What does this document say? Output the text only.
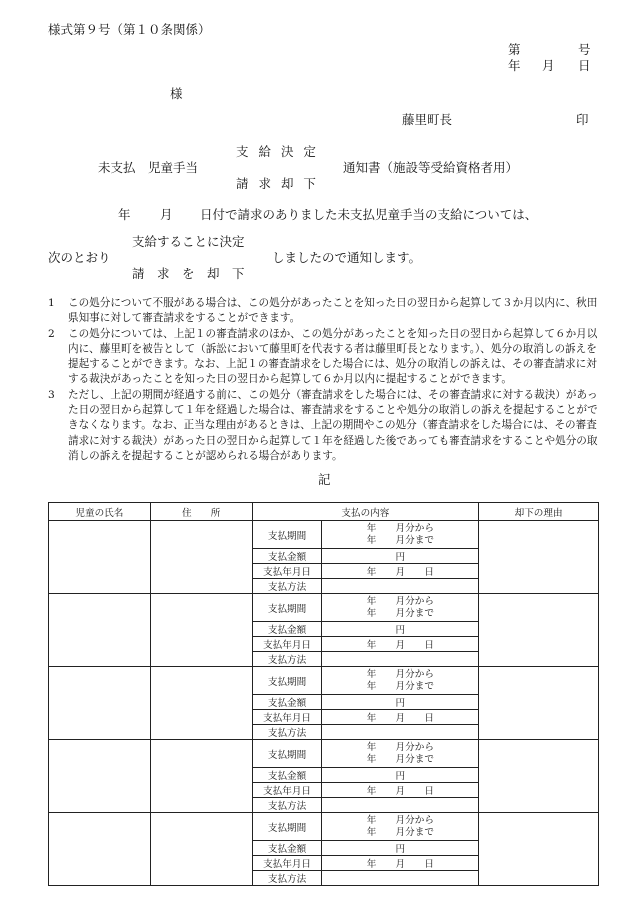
様式第９号（第１０条関係）
第	号
年 月 日
様
藤里町長	印
支 給 決 定
未支払　児童手当	通知書（施設等受給資格者用）
請 求 却 下
年 月 日付で請求のありました未支払児童手当の支給については、
支給することに決定
次のとおり	しましたので通知します。
請　求　を　却　下
1	この処分について不服がある場合は、この処分があったことを知った日の翌日から起算して３か月以内に、秋田県知事に対して審査請求をすることができます。
2	この処分については、上記１の審査請求のほか、この処分があったことを知った日の翌日から起算して６か月以内に、藤里町を被告として（訴訟において藤里町を代表する者は藤里町長となります。）、処分の取消しの訴えを提起することができます。なお、上記１の審査請求をした場合には、処分の取消しの訴えは、その審査請求に対する裁決があったことを知った日の翌日から起算して６か月以内に提起することができます。
3	ただし、上記の期間が経過する前に、この処分（審査請求をした場合には、その審査請求に対する裁決）があった日の翌日から起算して１年を経過した場合は、審査請求をすることや処分の取消しの訴えを提起することができなくなります。なお、正当な理由があるときは、上記の期間やこの処分（審査請求をした場合には、その審査請求に対する裁決）があった日の翌日から起算して１年を経過した後であっても審査請求をすることや処分の取消しの訴えを提起することが認められる場合があります。
記
児童の氏名	住　　所	支払の内容		却下の理由
		支払期間	年　　月分から
年　　月分まで	

		支払金額	円	
		支払年月日	年　　月　　日	
		支払方法		
		支払期間	年　　月分から
年　　月分まで	

		支払金額	円	
		支払年月日	年　　月　　日	
		支払方法		
		支払期間	年　　月分から
年　　月分まで	

		支払金額	円	
		支払年月日	年　　月　　日	
		支払方法		
		支払期間	年　　月分から
年　　月分まで	

		支払金額	円	
		支払年月日	年　　月　　日	
		支払方法		
		支払期間	年　　月分から
年　　月分まで	

		支払金額	円	
		支払年月日	年　　月　　日	
		支払方法		
